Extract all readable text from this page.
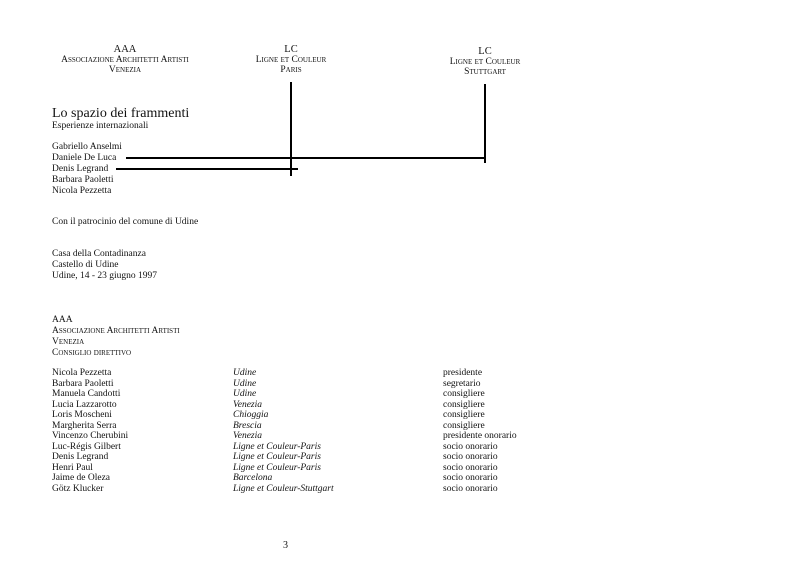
AAA
Associazione Architetti Artisti
Venezia
LC
Ligne et Couleur
Paris
LC
Ligne et Couleur
Stuttgart
Lo spazio dei frammenti
Esperienze internazionali
Gabriello Anselmi
Daniele De Luca
Denis Legrand
Barbara Paoletti
Nicola Pezzetta
Con il patrocinio del comune di Udine
Casa della Contadinanza
Castello di Udine
Udine, 14 - 23 giugno 1997
AAA
Associazione Architetti Artisti
Venezia
Consiglio direttivo
Nicola Pezzetta	Udine	presidente
Barbara Paoletti	Udine	segretario
Manuela Candotti	Udine	consigliere
Lucia Lazzarotto	Venezia	consigliere
Loris Moscheni	Chioggia	consigliere
Margherita Serra	Brescia	consigliere
Vincenzo Cherubini	Venezia	presidente onorario
Luc-Régis Gilbert	Ligne et Couleur-Paris	socio onorario
Denis Legrand	Ligne et Couleur-Paris	socio onorario
Henri Paul	Ligne et Couleur-Paris	socio onorario
Jaime de Oleza	Barcelona	socio onorario
Götz Klucker	Ligne et Couleur-Stuttgart	socio onorario
3
